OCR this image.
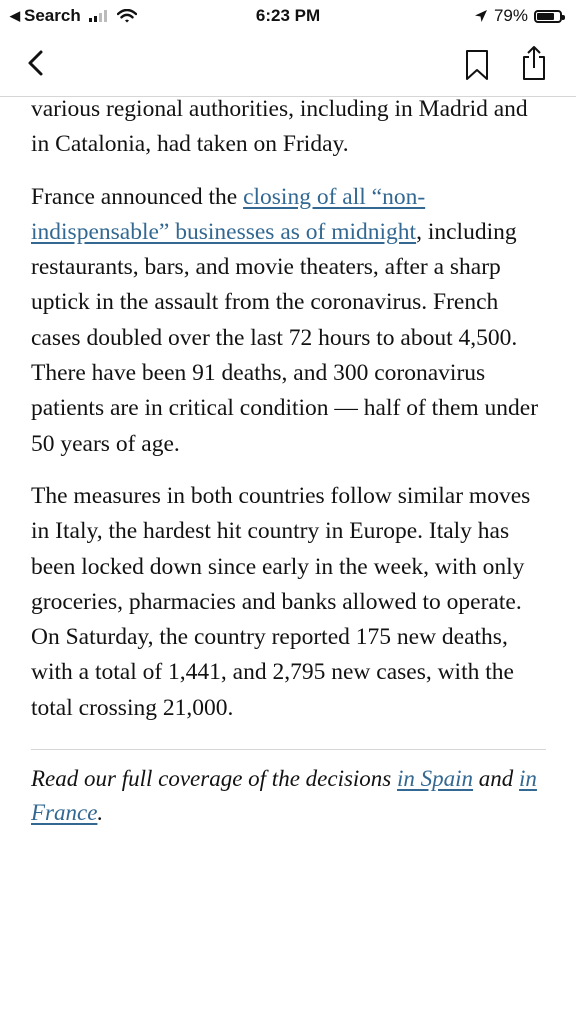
◀ Search	6:23 PM	79%

various regional authorities, including in Madrid and in Catalonia, had taken on Friday.

France announced the closing of all “non-indispensable” businesses as of midnight, including restaurants, bars, and movie theaters, after a sharp uptick in the assault from the coronavirus. French cases doubled over the last 72 hours to about 4,500. There have been 91 deaths, and 300 coronavirus patients are in critical condition — half of them under 50 years of age.

The measures in both countries follow similar moves in Italy, the hardest hit country in Europe. Italy has been locked down since early in the week, with only groceries, pharmacies and banks allowed to operate. On Saturday, the country reported 175 new deaths, with a total of 1,441, and 2,795 new cases, with the total crossing 21,000.

Read our full coverage of the decisions in Spain and in France.
